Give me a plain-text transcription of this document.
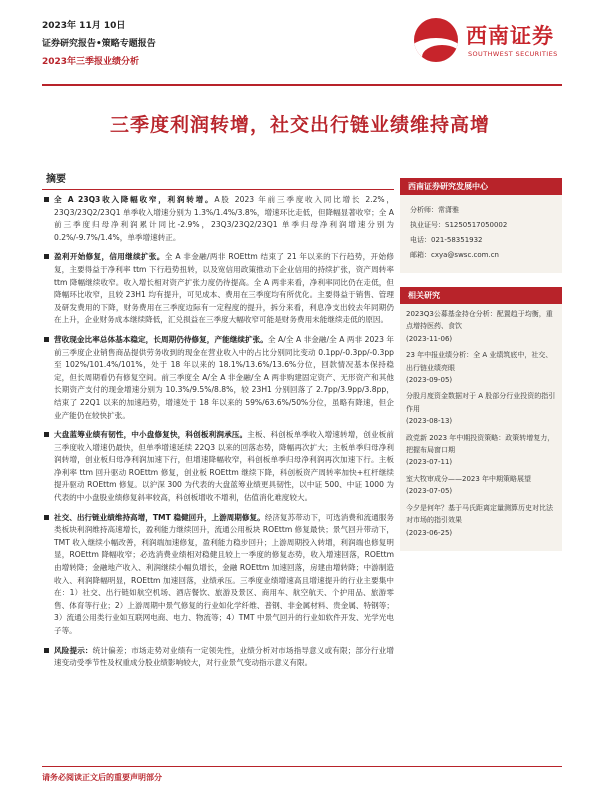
2023年 11月 10日
证券研究报告•策略专题报告
2023年三季报业绩分析
西南证券
SOUTHWEST SECURITIES
三季度利润转增，社交出行链业绩维持高增
摘要
全 A 23Q3收入降幅收窄，利润转增。A股 2023 年前三季度收入同比增长 2.2%，23Q3/23Q2/23Q1 单季收入增速分别为 1.3%/1.4%/3.8%，增速环比走低，但降幅显著收窄；全 A 前三季度归母净利润累计同比-2.9%，23Q3/23Q2/23Q1 单季归母净利润增速分别为 0.2%/-9.7%/1.4%，单季增速转正。
盈利开始修复，信用继续扩张。全 A 非金融/两非 ROEttm 结束了 21 年以来的下行趋势，开始修复，主要得益于净利率 ttm 下行趋势扭转，以及宽信用政策推动下企业信用的持续扩张，资产周转率 ttm 降幅继续收窄。收入增长相对资产扩张力度仍待提高。全 A 两非来看，净利率同比仍在走低，但降幅环比收窄，且较 23H1 均有提升，可见成本、费用在三季度均有所优化。主要得益于销售、管理及研发费用的下降，财务费用在三季度边际有一定程度的提升，拆分来看，利息净支出较去年同期仍在上升，企业财务成本继续降低，汇兑损益在三季度大幅收窄可能是财务费用未能继续走低的原因。
营收现金比率总体基本稳定，长周期仍待修复，产能继续扩张。全 A/全 A 非金融/全 A 两非 2023 年前三季度企业销售商品提供劳务收到的现金在营业收入中的占比分别同比变动 0.1pp/-0.3pp/-0.3pp 至 102%/101.4%/101%，处于 18 年以来的 18.1%/13.6%/13.6%分位，回款情况基本保持稳定，但长周期看仍有修复空间。前三季度全 A/全 A 非金融/全 A 两非购建固定资产、无形资产和其他长期资产支付的现金增速分别为 10.3%/9.5%/8.8%，较 23H1 分别回落了 2.7pp/3.9pp/3.8pp，结束了 22Q1 以来的加速趋势，增速处于 18 年以来的 59%/63.6%/50%分位，虽略有降速，但企业产能仍在较快扩张。
大盘蓝筹业绩有韧性，中小盘修复快，科创板利润承压。主板、科创板单季收入增速转增，创业板前三季度收入增速仍最快，但单季增速延续 22Q3 以来的回落态势，降幅再次扩大；主板单季归母净利润转增，创业板归母净利润加速下行，但增速降幅收窄，科创板单季归母净利润再次加速下行。主板净利率 ttm 回升驱动 ROEttm 修复，创业板 ROEttm 继续下降，科创板资产周转率加快+杠杆继续提升驱动 ROEttm 修复。以沪深 300 为代表的大盘蓝筹业绩更具韧性，以中证 500、中证 1000 为代表的中小盘股业绩修复斜率较高，科创板增收不增利，估值消化难度较大。
社交、出行链业绩维持高增，TMT 稳健回升，上游周期修复。经济复苏带动下，可选消费和流通服务类板块利润维持高速增长，盈利能力继续回升，流通公用板块 ROEttm 修复最快；景气回升带动下，TMT 收入继续小幅改善，利润端加速修复，盈利能力稳步回升；上游周期投入转增，利润端也修复明显，ROEttm 降幅收窄；必选消费业绩相对稳健且较上一季度的修复态势，收入增速回落，ROEttm 由增转降；金融地产收入、利润继续小幅负增长，金融 ROEttm 加速回落，房建由增转降；中游制造收入、利润降幅明显，ROEttm 加速回落，业绩承压。三季度业绩增速高且增速提升的行业主要集中在：1）社交、出行链如航空机场、酒店餐饮、旅游及景区、商用车、航空航天、个护用品、旅游零售、体育等行业；2）上游周期中景气修复的行业如化学纤维、普钢、非金属材料、贵金属、特钢等；3）流通公用类行业如互联网电商、电力、物流等；4）TMT 中景气回升的行业如软件开发、光学光电子等。
风险提示：统计偏差；市场走势对业绩有一定领先性，业绩分析对市场指导意义或有限；部分行业增速变动受季节性及权重成分股业绩影响较大，对行业景气变动指示意义有限。
西南证券研究发展中心
分析师：常潇雅
执业证号：S1250517050002
电话：021-58351932
邮箱：cxya@swsc.com.cn
相关研究
2023Q3公募基金持仓分析：配置趋于均衡，重点增持医药、食饮
(2023-11-06)
23 年中报业绩分析：全 A 业绩筑底中，社交、出行链业绩亮眼
(2023-09-05)
分股月度资金数据对于 A 股部分行业投资的指引作用
(2023-08-13)
政党新 2023 年中期投资策略：政策转增复力，把握布局窗口期
(2023-07-11)
室大牧审成分——2023 年中期策略展望
(2023-07-05)
今夕是何年？基于马氏距离定量测算历史对比法对市场的指引效果
(2023-06-25)
请务必阅读正文后的重要声明部分
